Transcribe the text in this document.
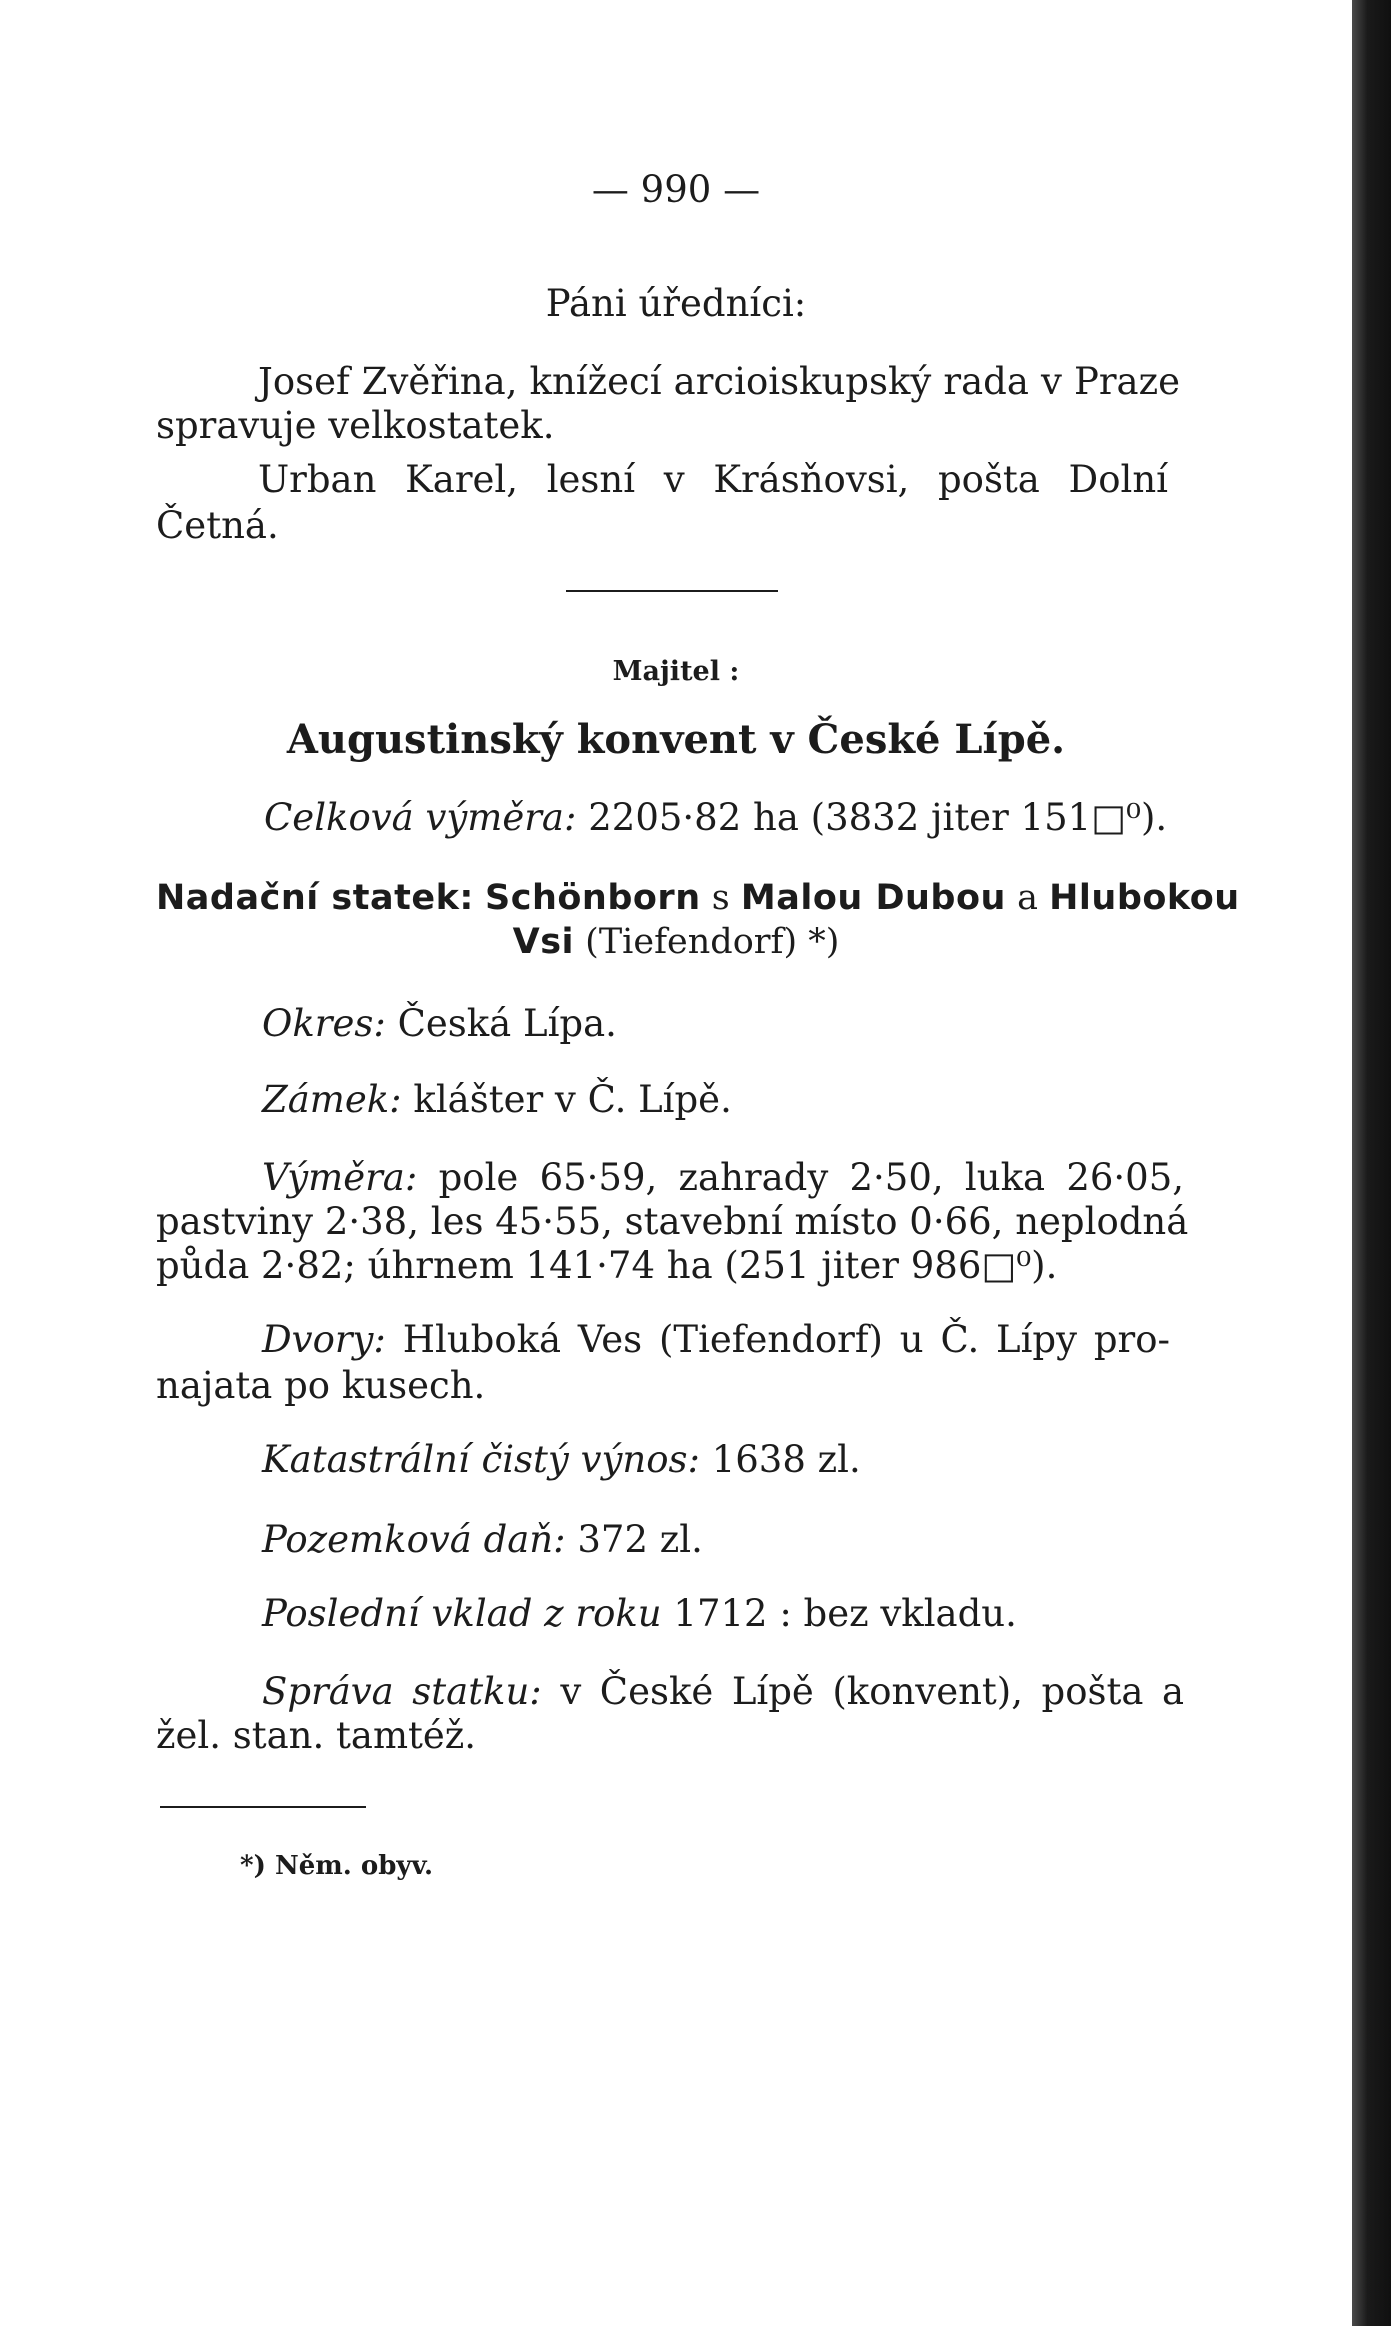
— 990 —
Páni úředníci:
Josef Zvěřina, knížecí arcioiskupský rada v Praze
spravuje velkostatek.
Urban Karel, lesní v Krásňovsi, pošta Dolní
Četná.
Majitel :
Augustinský konvent v České Lípě.
Celková výměra: 2205·82 ha (3832 jiter 151□⁰).
Nadační statek: Schönborn s Malou Dubou a Hlubokou
Vsi (Tiefendorf) *)
Okres: Česká Lípa.
Zámek: klášter v Č. Lípě.
Výměra: pole 65·59, zahrady 2·50, luka 26·05,
pastviny 2·38, les 45·55, stavební místo 0·66, neplodná
půda 2·82; úhrnem 141·74 ha (251 jiter 986□⁰).
Dvory: Hluboká Ves (Tiefendorf) u Č. Lípy pro-
najata po kusech.
Katastrální čistý výnos: 1638 zl.
Pozemková daň: 372 zl.
Poslední vklad z roku 1712 : bez vkladu.
Správa statku: v České Lípě (konvent), pošta a
žel. stan. tamtéž.
*) Něm. obyv.
